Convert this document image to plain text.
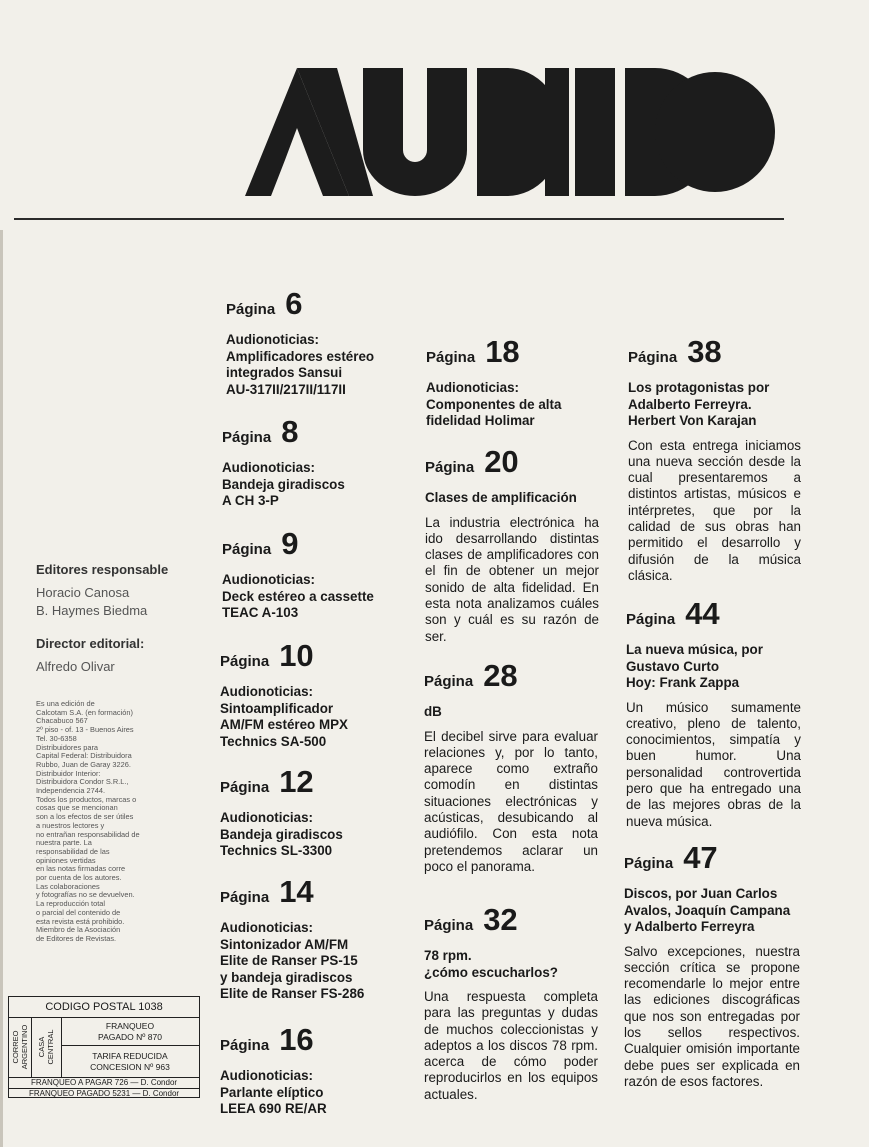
Editores responsable
Horacio Canosa
B. Haymes Biedma
Director editorial:
Alfredo Olivar
Es una edición de
Calcotam S.A. (en formación)
Chacabuco 567
2º piso - of. 13 - Buenos Aires
Tel. 30-6358
Distribuidores para
Capital Federal: Distribuidora
Rubbo, Juan de Garay 3226.
Distribuidor Interior:
Distribuidora Condor S.R.L.,
Independencia 2744.
Todos los productos, marcas o
cosas que se mencionan
son a los efectos de ser útiles
a nuestros lectores y
no entrañan responsabilidad de
nuestra parte. La
responsabilidad de las
opiniones vertidas
en las notas firmadas corre
por cuenta de los autores.
Las colaboraciones
y fotografías no se devuelven.
La reproducción total
o parcial del contenido de
esta revista está prohibido.
Miembro de la Asociación
de Editores de Revistas.
CODIGO POSTAL 1038
CORREO
ARGENTINO CASA
CENTRAL
FRANQUEO
PAGADO Nº 870
TARIFA REDUCIDA
CONCESION Nº 963
FRANQUEO A PAGAR 726 — D. Condor
FRANQUEO PAGADO 5231 — D. Condor
Página 6

Audionoticias:
Amplificadores estéreo
integrados Sansui
AU-317II/217II/117II

Página 8

Audionoticias:
Bandeja giradiscos
A CH 3-P

Página 9

Audionoticias:
Deck estéreo a cassette
TEAC A-103

Página 10

Audionoticias:
Sintoamplificador
AM/FM estéreo MPX
Technics SA-500

Página 12

Audionoticias:
Bandeja giradiscos
Technics SL-3300

Página 14

Audionoticias:
Sintonizador AM/FM
Elite de Ranser PS-15
y bandeja giradiscos
Elite de Ranser FS-286

Página 16

Audionoticias:
Parlante elíptico
LEEA 690 RE/AR

Página 18

Audionoticias:
Componentes de alta
fidelidad Holimar

Página 20

Clases de amplificación

La industria electrónica ha ido desarrollando distintas clases de amplificadores con el fin de obtener un mejor sonido de alta fidelidad. En esta nota analizamos cuáles son y cuál es su razón de ser.

Página 28

dB

El decibel sirve para evaluar relaciones y, por lo tanto, aparece como extraño comodín en distintas situaciones electrónicas y acústicas, desubicando al audiófilo. Con esta nota pretendemos aclarar un poco el panorama.

Página 32

78 rpm.
¿cómo escucharlos?

Una respuesta completa para las preguntas y dudas de muchos coleccionistas y adeptos a los discos 78 rpm. acerca de cómo poder reproducirlos en los equipos actuales.

Página 38

Los protagonistas por
Adalberto Ferreyra.
Herbert Von Karajan

Con esta entrega iniciamos una nueva sección desde la cual presentaremos a distintos artistas, músicos e intérpretes, que por la calidad de sus obras han permitido el desarrollo y difusión de la música clásica.

Página 44

La nueva música, por
Gustavo Curto
Hoy: Frank Zappa

Un músico sumamente creativo, pleno de talento, conocimientos, simpatía y buen humor. Una personalidad controvertida pero que ha entregado una de las mejores obras de la nueva música.

Página 47

Discos, por Juan Carlos
Avalos, Joaquín Campana
y Adalberto Ferreyra

Salvo excepciones, nuestra sección crítica se propone recomendarle lo mejor entre las ediciones discográficas que nos son entregadas por los sellos respectivos. Cualquier omisión importante debe pues ser explicada en razón de esos factores.
